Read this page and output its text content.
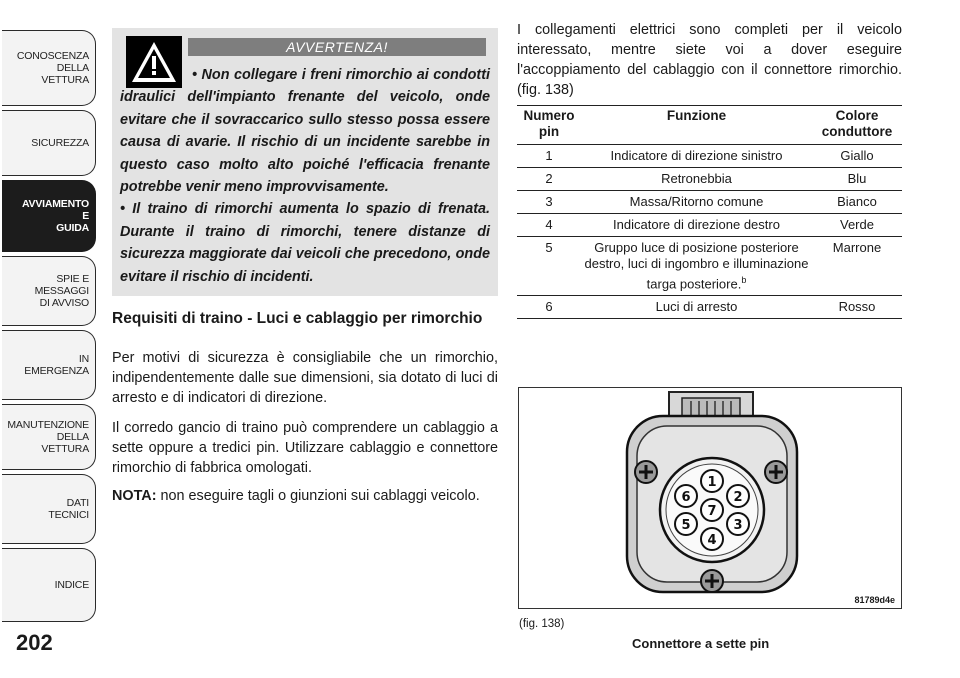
CONOSCENZA
DELLA
VETTURA
SICUREZZA
AVVIAMENTO
E
GUIDA
SPIE E
MESSAGGI
DI AVVISO
IN
EMERGENZA
MANUTENZIONE
DELLA
VETTURA
DATI
TECNICI
INDICE
202
AVVERTENZA!

• Non collegare i freni rimorchio ai condotti idraulici dell'impianto frenante del veicolo, onde evitare che il sovraccarico sullo stesso possa essere causa di avarie. Il rischio di un incidente sarebbe in questo caso molto alto poiché l'efficacia frenante potrebbe venir meno improvvisamente.

• Il traino di rimorchi aumenta lo spazio di frenata. Durante il traino di rimorchi, tenere distanze di sicurezza maggiorate dai veicoli che precedono, onde evitare il rischio di incidenti.

Requisiti di traino - Luci e cablaggio per rimorchio

Per motivi di sicurezza è consigliabile che un rimorchio, indipendentemente dalle sue dimensioni, sia dotato di luci di arresto e di indicatori di direzione.

Il corredo gancio di traino può comprendere un cablaggio a sette oppure a tredici pin. Utilizzare cablaggio e connettore rimorchio di fabbrica omologati.

NOTA: non eseguire tagli o giunzioni sui cablaggi veicolo.

I collegamenti elettrici sono completi per il veicolo interessato, mentre siete voi a dover eseguire l'accoppiamento del cablaggio con il connettore rimorchio. (fig. 138)
Numero pin	Funzione	Colore conduttore
1	Indicatore di direzione sinistro	Giallo
2	Retronebbia	Blu
3	Massa/Ritorno comune	Bianco
4	Indicatore di direzione destro	Verde
5	Gruppo luce di posizione posteriore destro, luci di ingombro e illuminazione targa posteriore.$^b$	Marrone
6	Luci di arresto	Rosso
1
2
3
4
5
6
7
81789d4e
(fig. 138)
Connettore a sette pin
